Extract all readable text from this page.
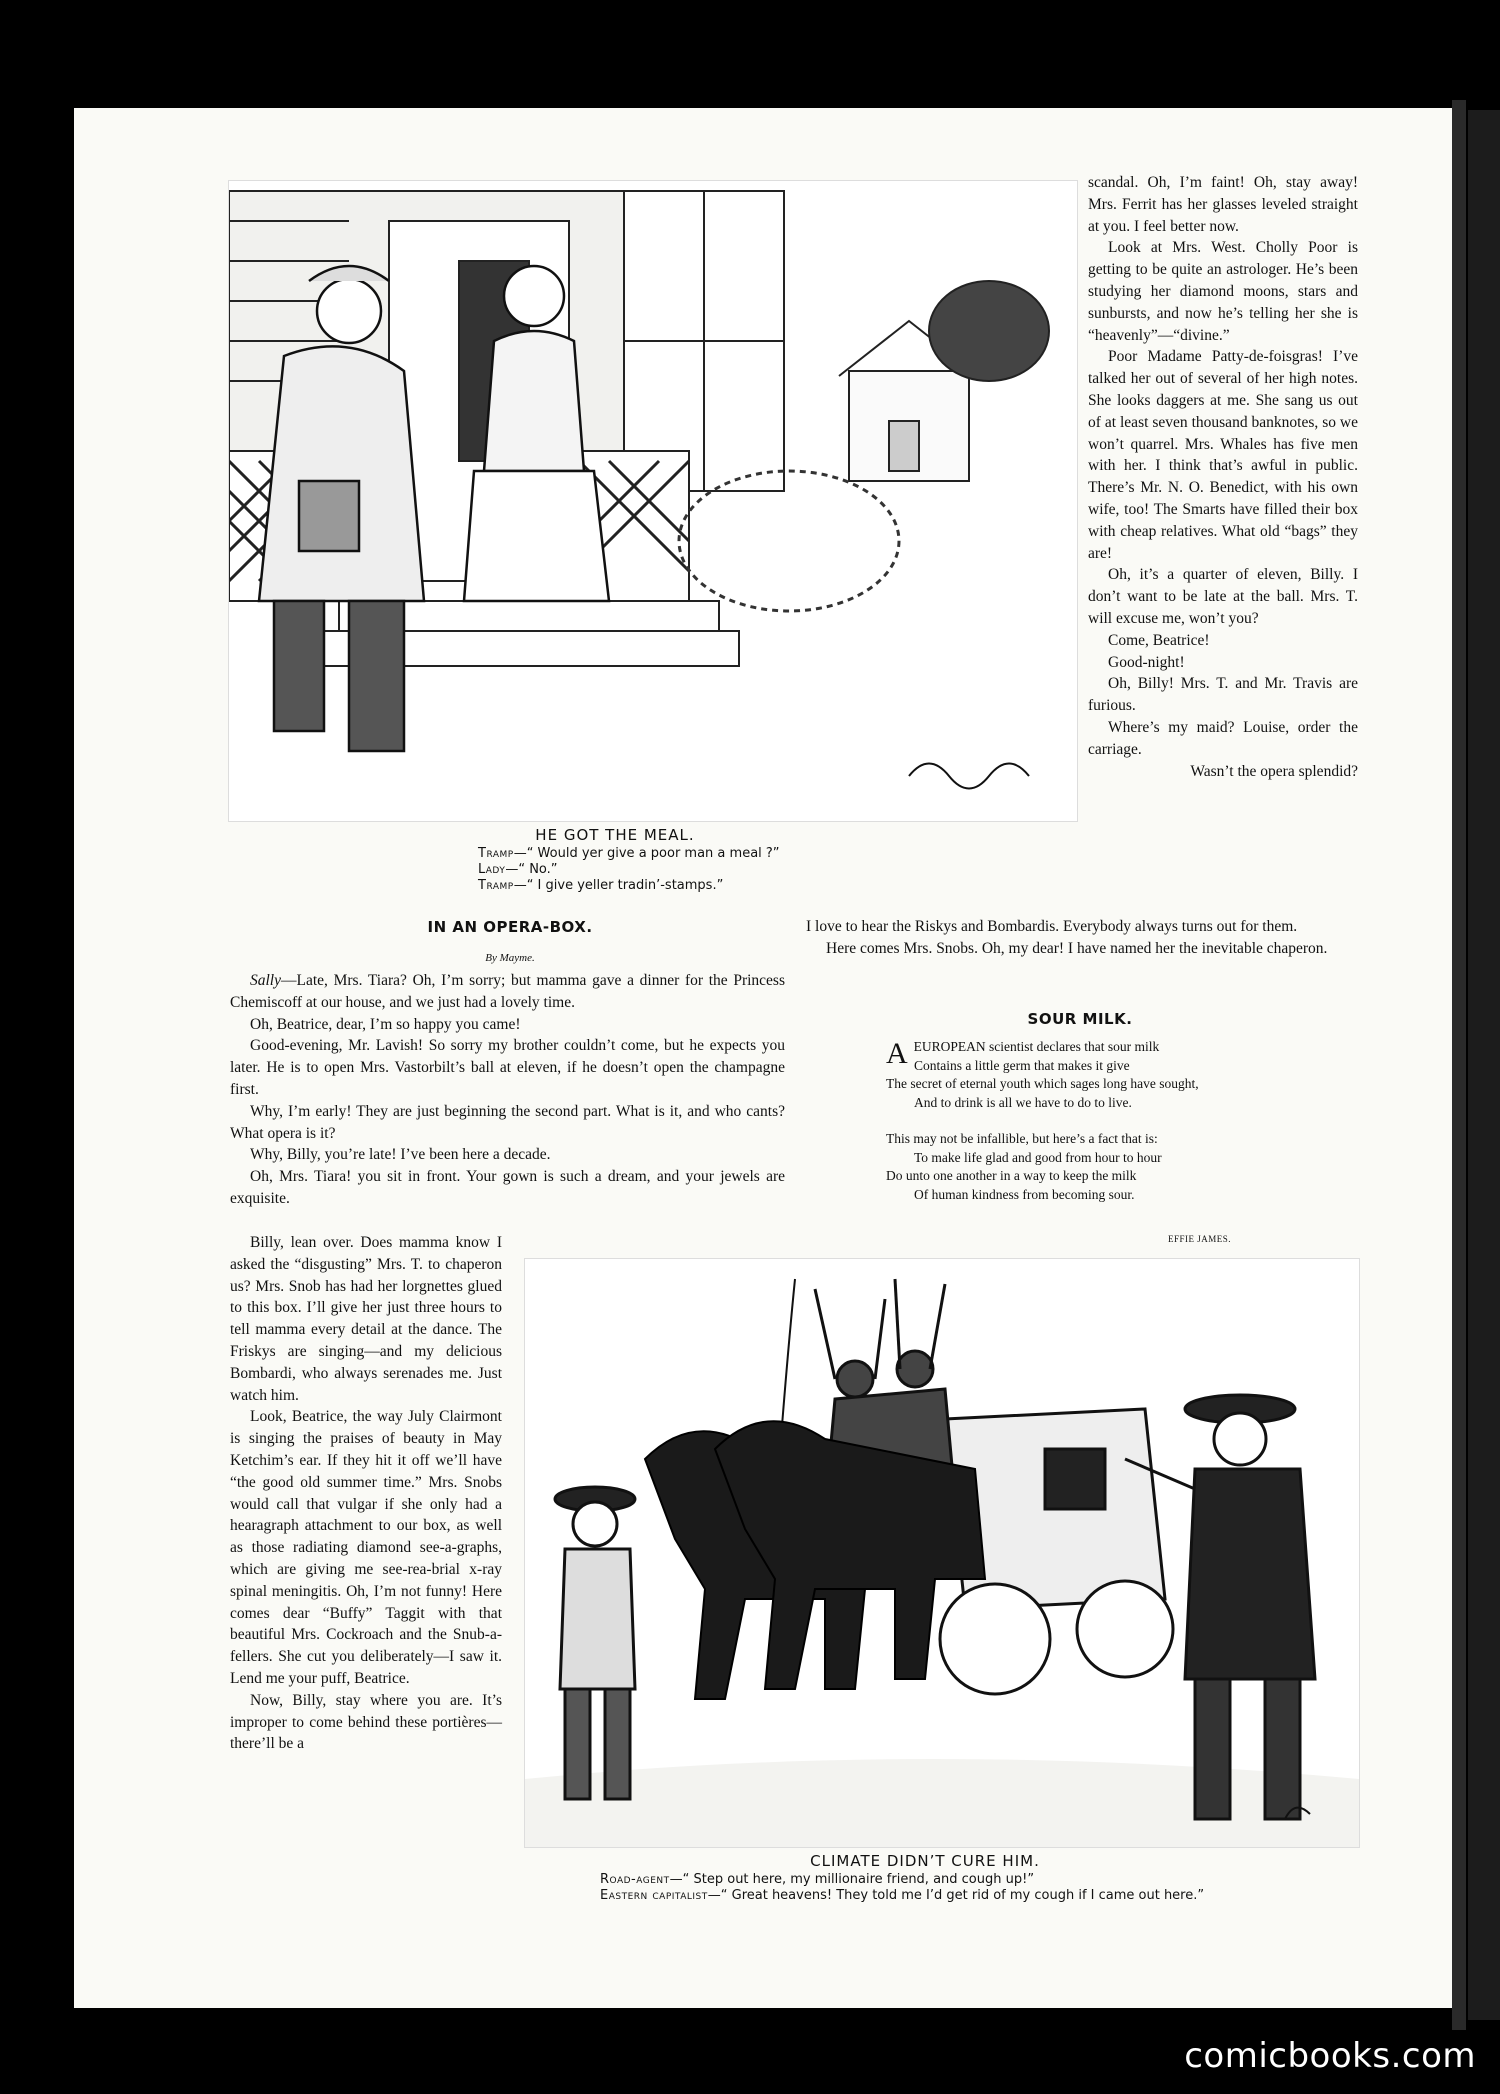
HE GOT THE MEAL.
Tramp—“ Would yer give a poor man a meal ?”
Lady—“ No.”
Tramp—“ I give yeller tradin’-stamps.”

scandal. Oh, I’m faint! Oh, stay away! Mrs. Ferrit has her glasses leveled straight at you. I feel better now.

Look at Mrs. West. Cholly Poor is getting to be quite an astrologer. He’s been studying her diamond moons, stars and sunbursts, and now he’s telling her she is “heavenly”—“divine.”

Poor Madame Patty-de-foisgras! I’ve talked her out of several of her high notes. She looks daggers at me. She sang us out of at least seven thousand banknotes, so we won’t quarrel. Mrs. Whales has five men with her. I think that’s awful in public. There’s Mr. N. O. Benedict, with his own wife, too! The Smarts have filled their box with cheap relatives. What old “bags” they are!

Oh, it’s a quarter of eleven, Billy. I don’t want to be late at the ball. Mrs. T. will excuse me, won’t you?

Come, Beatrice!

Good-night!

Oh, Billy! Mrs. T. and Mr. Travis are furious.

Where’s my maid? Louise, order the carriage.

Wasn’t the opera splendid?

IN AN OPERA-BOX.
By Mayme.

Sally—Late, Mrs. Tiara? Oh, I’m sorry; but mamma gave a dinner for the Princess Chemiscoff at our house, and we just had a lovely time.

Oh, Beatrice, dear, I’m so happy you came!

Good-evening, Mr. Lavish! So sorry my brother couldn’t come, but he expects you later. He is to open Mrs. Vastorbilt’s ball at eleven, if he doesn’t open the champagne first.

Why, I’m early! They are just beginning the second part. What is it, and who cants? What opera is it?

Why, Billy, you’re late! I’ve been here a decade.

Oh, Mrs. Tiara! you sit in front. Your gown is such a dream, and your jewels are exquisite.

Billy, lean over. Does mamma know I asked the “disgusting” Mrs. T. to chaperon us? Mrs. Snob has had her lorgnettes glued to this box. I’ll give her just three hours to tell mamma every detail at the dance. The Friskys are singing—and my delicious Bombardi, who always serenades me. Just watch him.

Look, Beatrice, the way July Clairmont is singing the praises of beauty in May Ketchim’s ear. If they hit it off we’ll have “the good old summer time.” Mrs. Snobs would call that vulgar if she only had a hearagraph attachment to our box, as well as those radiating diamond see-a-graphs, which are giving me see-rea-brial x-ray spinal meningitis. Oh, I’m not funny! Here comes dear “Buffy” Taggit with that beautiful Mrs. Cockroach and the Snub-a-fellers. She cut you deliberately—I saw it. Lend me your puff, Beatrice.

Now, Billy, stay where you are. It’s improper to come behind these portières—there’ll be a

I love to hear the Riskys and Bombardis. Everybody always turns out for them.

Here comes Mrs. Snobs. Oh, my dear! I have named her the inevitable chaperon.

SOUR MILK.
AEUROPEAN scientist declares that sour milk
Contains a little germ that makes it give
The secret of eternal youth which sages long have sought,
And to drink is all we have to do to live.
This may not be infallible, but here’s a fact that is:
To make life glad and good from hour to hour
Do unto one another in a way to keep the milk
Of human kindness from becoming sour.
EFFIE JAMES.
CLIMATE DIDN’T CURE HIM.
Road-agent—“ Step out here, my millionaire friend, and cough up!”
Eastern capitalist—“ Great heavens! They told me I’d get rid of my cough if I came out here.”
comicbooks.com
